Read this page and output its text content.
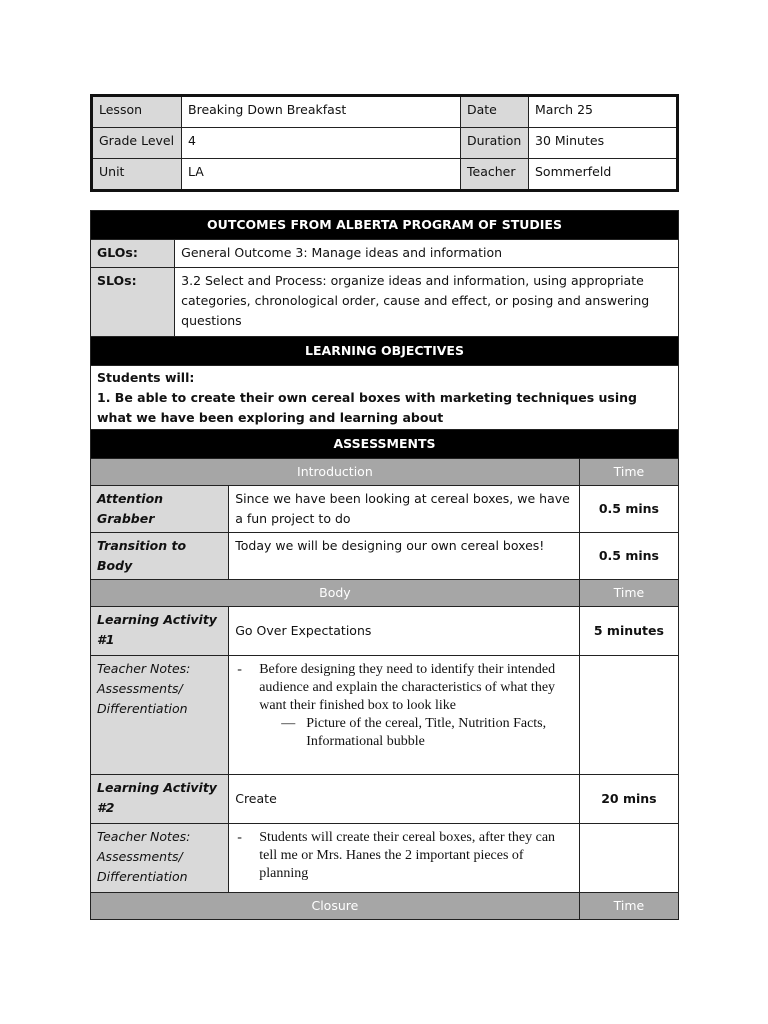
Lesson	Breaking Down Breakfast	Date	March 25
Grade Level	4	Duration	30 Minutes
Unit	LA	Teacher	Sommerfeld
OUTCOMES FROM ALBERTA PROGRAM OF STUDIES			
GLOs:	General Outcome 3: Manage ideas and information		
SLOs:	3.2 Select and Process: organize ideas and information, using appropriate categories, chronological order, cause and effect, or posing and answering questions		
LEARNING OBJECTIVES			

Students will:
1. Be able to create their own cereal boxes with marketing techniques using what we have been exploring and learning about			

ASSESSMENTS			
Introduction			Time
Attention Grabber		Since we have been looking at cereal boxes, we have a fun project to do	0.5 mins
Transition to Body		Today we will be designing our own cereal boxes!	0.5 mins
Body			Time
Learning Activity #1		Go Over Expectations	5 minutes
Teacher Notes: Assessments/ Differentiation		- Before designing they need to identify their intended audience and explain the characteristics of what they want their finished box to look like
— Picture of the cereal, Title, Nutrition Facts, Informational bubble	

Learning Activity #2		Create	20 mins
Teacher Notes: Assessments/ Differentiation		- Students will create their cereal boxes, after they can tell me or Mrs. Hanes the 2 important pieces of planning	

Closure			Time
